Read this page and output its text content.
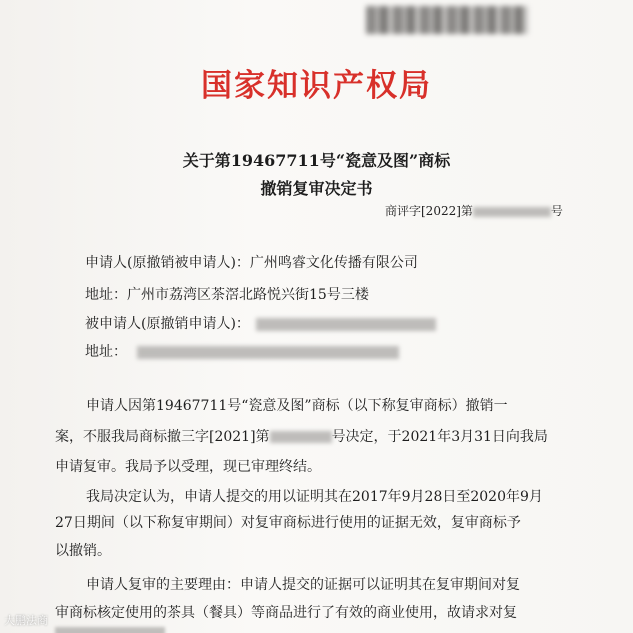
国家知识产权局
关于第19467711号“瓷意及图”商标
撤销复审决定书
商评字[2022]第	号
申请人(原撤销被申请人)：广州鸣睿文化传播有限公司
地址：广州市荔湾区茶滘北路悦兴街15号三楼
被申请人(原撤销申请人)：
地址：
申请人因第19467711号“瓷意及图”商标（以下称复审商标）撤销一
案，不服我局商标撤三字[2021]第	号决定，于2021年3月31日向我局
申请复审。我局予以受理，现已审理终结。
我局决定认为，申请人提交的用以证明其在2017年9月28日至2020年9月
27日期间（以下称复审期间）对复审商标进行使用的证据无效，复审商标予
以撤销。
申请人复审的主要理由：申请人提交的证据可以证明其在复审期间对复
审商标核定使用的茶具（餐具）等商品进行了有效的商业使用，故请求对复
大鹏法商
